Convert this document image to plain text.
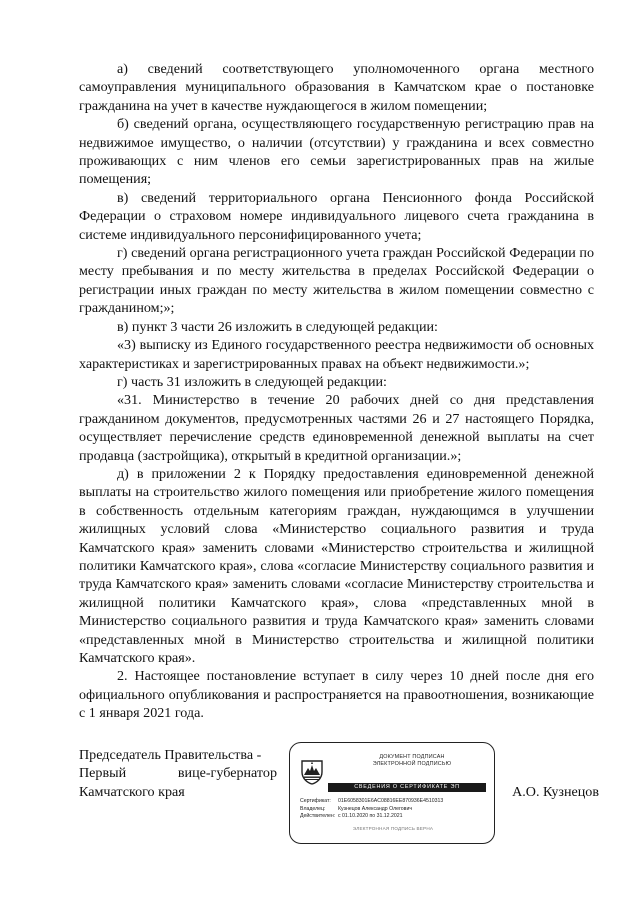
а) сведений соответствующего уполномоченного органа местного самоуправления муниципального образования в Камчатском крае о постановке гражданина на учет в качестве нуждающегося в жилом помещении;

б) сведений органа, осуществляющего государственную регистрацию прав на недвижимое имущество, о наличии (отсутствии) у гражданина и всех совместно проживающих с ним членов его семьи зарегистрированных прав на жилые помещения;

в) сведений территориального органа Пенсионного фонда Российской Федерации о страховом номере индивидуального лицевого счета гражданина в системе индивидуального персонифицированного учета;

г) сведений органа регистрационного учета граждан Российской Федерации по месту пребывания и по месту жительства в пределах Российской Федерации о регистрации иных граждан по месту жительства в жилом помещении совместно с гражданином;»;

в) пункт 3 части 26 изложить в следующей редакции:

«3) выписку из Единого государственного реестра недвижимости об основных характеристиках и зарегистрированных правах на объект недвижимости.»;

г) часть 31 изложить в следующей редакции:

«31. Министерство в течение 20 рабочих дней со дня представления гражданином документов, предусмотренных частями 26 и 27 настоящего Порядка, осуществляет перечисление средств единовременной денежной выплаты на счет продавца (застройщика), открытый в кредитной организации.»;

д) в приложении 2 к Порядку предоставления единовременной денежной выплаты на строительство жилого помещения или приобретение жилого помещения в собственность отдельным категориям граждан, нуждающимся в улучшении жилищных условий слова «Министерство социального развития и труда Камчатского края» заменить словами «Министерство строительства и жилищной политики Камчатского края», слова «согласие Министерству социального развития и труда Камчатского края» заменить словами «согласие Министерству строительства и жилищной политики Камчатского края», слова «представленных мной в Министерство социального развития и труда Камчатского края» заменить словами «представленных мной в Министерство строительства и жилищной политики Камчатского края».

2. Настоящее постановление вступает в силу через 10 дней после дня его официального опубликования и распространяется на правоотношения, возникающие с 1 января 2021 года.

Председатель Правительства -
Первый вице-губернатор
Камчатского края
ДОКУМЕНТ ПОДПИСАН
ЭЛЕКТРОННОЙ ПОДПИСЬЮ
СВЕДЕНИЯ О СЕРТИФИКАТЕ ЭП
Сертификат:	01E6058301E6AC08816EE870936E4510313
Владелец:	Кузнецов Александр Олегович
Действителен: с 01.10.2020 по 31.12.2021
ЭЛЕКТРОННАЯ ПОДПИСЬ ВЕРНА
А.О. Кузнецов
